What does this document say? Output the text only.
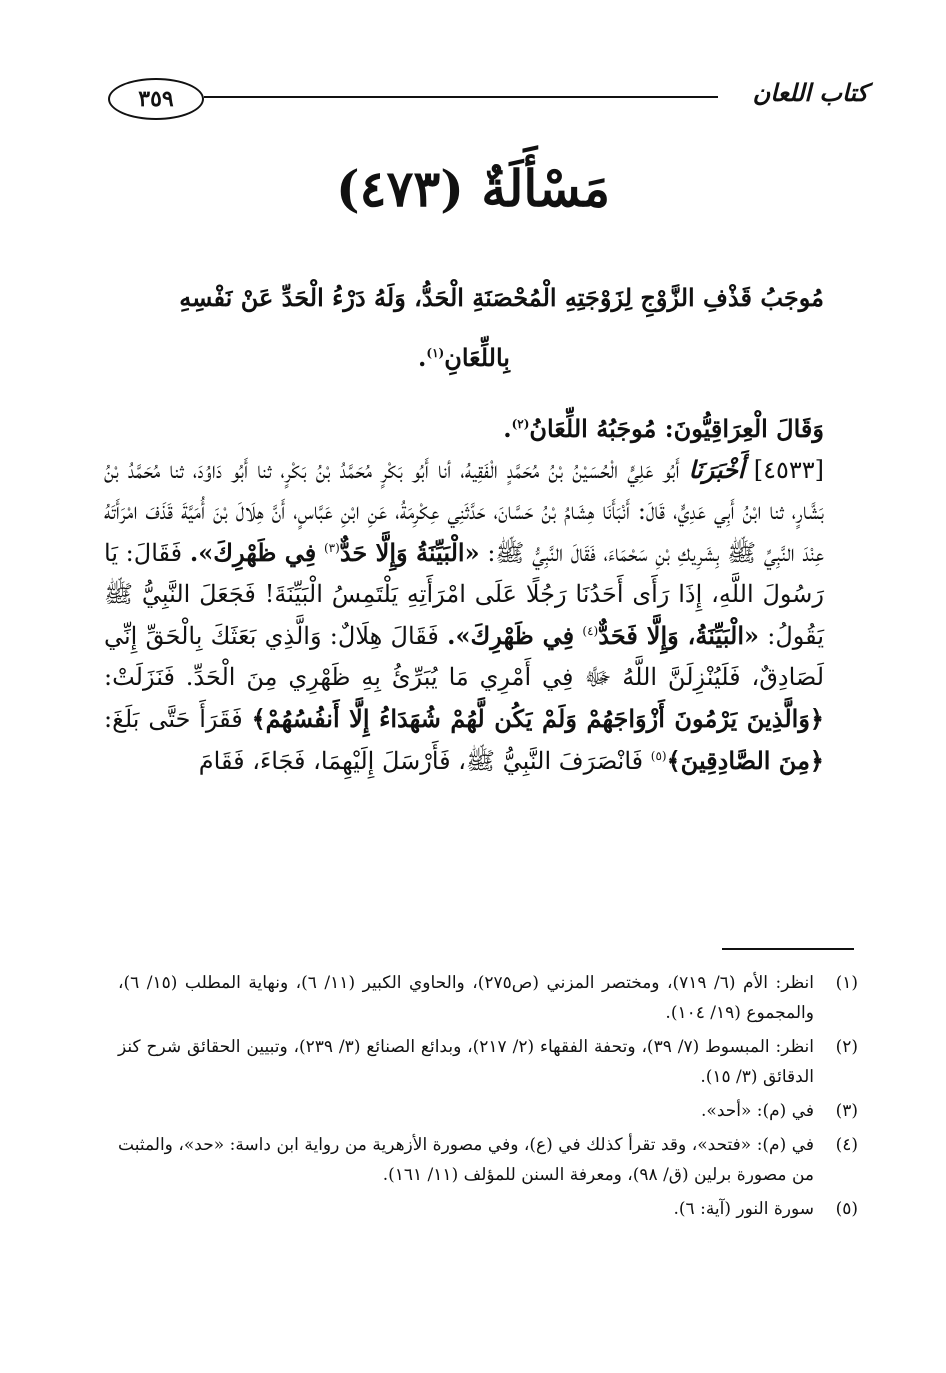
٣٥٩	كتاب اللعان
مَسْأَلَةٌ (٤٧٣)
مُوجَبُ قَذْفِ الزَّوْجِ لِزَوْجَتِهِ الْمُحْصَنَةِ الْحَدُّ، وَلَهُ دَرْءُ الْحَدِّ عَنْ نَفْسِهِ
بِاللِّعَانِ$^{(١)}$.

وَقَالَ الْعِرَاقِيُّونَ: مُوجَبُهُ اللِّعَانُ$^{(٢)}$.

[٤٥٣٣] أَخْبَرَنَا أَبُو عَلِيٍّ الْحُسَيْنُ بْنُ مُحَمَّدٍ الْفَقِيهُ، أنا أَبُو بَكْرٍ مُحَمَّدُ بْنُ بَكْرٍ، ثنا أَبُو دَاوُدَ، ثنا مُحَمَّدُ بْنُ بَشَّارٍ، ثنا ابْنُ أَبِي عَدِيٍّ، قَالَ: أَنْبَأَنَا هِشَامُ بْنُ حَسَّانَ، حَدَّثَنِي عِكْرِمَةُ، عَنِ ابْنِ عَبَّاسٍ، أَنَّ هِلَالَ بْنَ أُمَيَّةَ قَذَفَ امْرَأَتَهُ عِنْدَ النَّبِيِّ ﷺ بِشَرِيكِ بْنِ سَحْمَاءَ، فَقَالَ النَّبِيُّ ﷺ: «الْبَيِّنَةُ وَإِلَّا حَدٌّ$^{(٣)}$ فِي ظَهْرِكَ». فَقَالَ: يَا رَسُولَ اللَّهِ، إِذَا رَأَى أَحَدُنَا رَجُلًا عَلَى امْرَأَتِهِ يَلْتَمِسُ الْبَيِّنَةَ! فَجَعَلَ النَّبِيُّ ﷺ يَقُولُ: «الْبَيِّنَةُ، وَإِلَّا فَحَدٌّ$^{(٤)}$ فِي ظَهْرِكَ». فَقَالَ هِلَالٌ: وَالَّذِي بَعَثَكَ بِالْحَقِّ إِنِّي لَصَادِقٌ، فَلَيُنْزِلَنَّ اللَّهُ ﷻ فِي أَمْرِي مَا يُبَرِّئُ بِهِ ظَهْرِي مِنَ الْحَدِّ. فَنَزَلَتْ: ﴿وَالَّذِينَ يَرْمُونَ أَزْوَاجَهُمْ وَلَمْ يَكُن لَّهُمْ شُهَدَاءُ إِلَّا أَنفُسُهُمْ﴾ فَقَرَأَ حَتَّى بَلَغَ: ﴿مِنَ الصَّادِقِينَ﴾$^{(٥)}$ فَانْصَرَفَ النَّبِيُّ ﷺ، فَأَرْسَلَ إِلَيْهِمَا، فَجَاءَ، فَقَامَ

(١)
انظر: الأم (٦/ ٧١٩)، ومختصر المزني (ص٢٧٥)، والحاوي الكبير (١١/ ٦)، ونهاية المطلب (١٥/ ٦)، والمجموع (١٩/ ١٠٤).
(٢)
انظر: المبسوط (٧/ ٣٩)، وتحفة الفقهاء (٢/ ٢١٧)، وبدائع الصنائع (٣/ ٢٣٩)، وتبيين الحقائق شرح كنز الدقائق (٣/ ١٥).
(٣)
في (م): «أحد».
(٤)
في (م): «فتحد»، وقد تقرأ كذلك في (ع)، وفي مصورة الأزهرية من رواية ابن داسة: «حد»، والمثبت من مصورة برلين (ق/ ٩٨)، ومعرفة السنن للمؤلف (١١/ ١٦١).
(٥)
سورة النور (آية: ٦).
